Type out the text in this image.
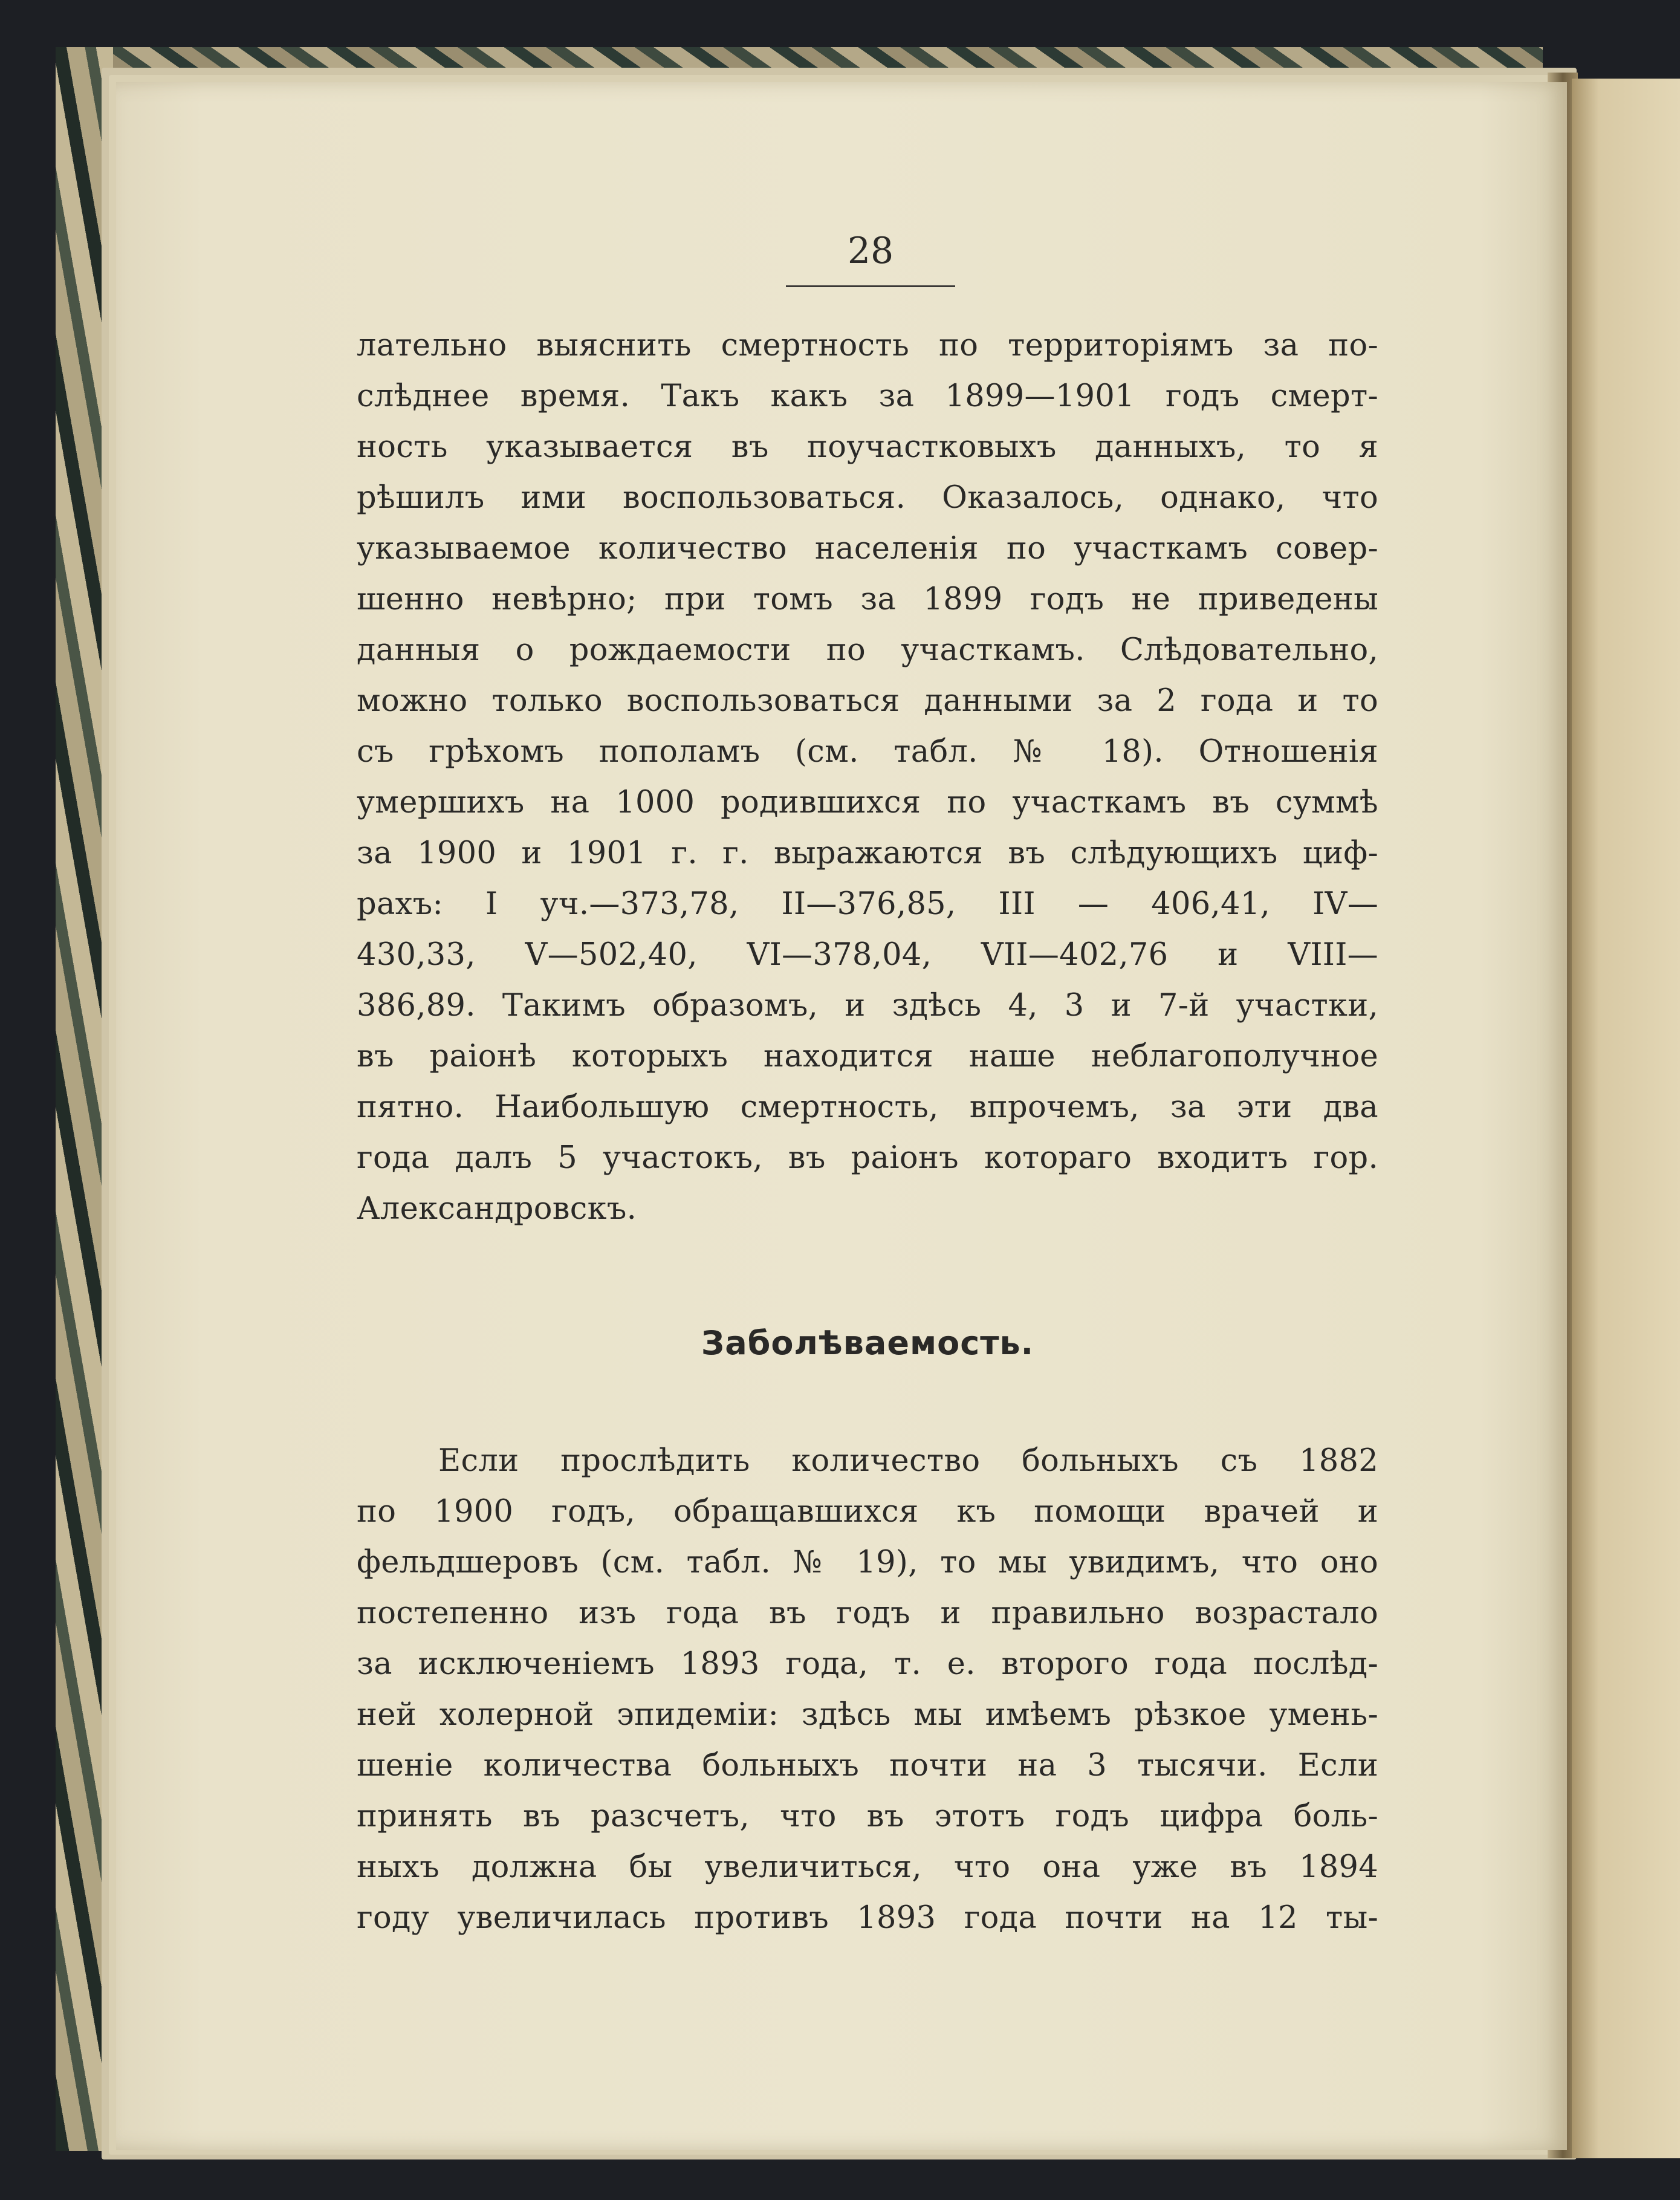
28
лательно выяснить смертность по территоріямъ за по-
слѣднее время. Такъ какъ за 1899—1901 годъ смерт-
ность указывается въ поучастковыхъ данныхъ, то я
рѣшилъ ими воспользоваться. Оказалось, однако, что
указываемое количество населенія по участкамъ совер-
шенно невѣрно; при томъ за 1899 годъ не приведены
данныя о рождаемости по участкамъ. Слѣдовательно,
можно только воспользоваться данными за 2 года и то
съ грѣхомъ пополамъ (см. табл. № 18). Отношенія
умершихъ на 1000 родившихся по участкамъ въ суммѣ
за 1900 и 1901 г. г. выражаются въ слѣдующихъ циф-
рахъ: I уч.—373,78, II—376,85, III — 406,41, IV—
430,33, V—502,40, VI—378,04, VII—402,76 и VIII—
386,89. Такимъ образомъ, и здѣсь 4, 3 и 7-й участки,
въ раіонѣ которыхъ находится наше неблагополучное
пятно. Наибольшую смертность, впрочемъ, за эти два
года далъ 5 участокъ, въ раіонъ котораго входитъ гор.
Александровскъ.
Заболѣваемость.
Если прослѣдить количество больныхъ съ 1882
по 1900 годъ, обращавшихся къ помощи врачей и
фельдшеровъ (см. табл. № 19), то мы увидимъ, что оно
постепенно изъ года въ годъ и правильно возрастало
за исключеніемъ 1893 года, т. е. второго года послѣд-
ней холерной эпидеміи: здѣсь мы имѣемъ рѣзкое умень-
шеніе количества больныхъ почти на 3 тысячи. Если
принять въ разсчетъ, что въ этотъ годъ цифра боль-
ныхъ должна бы увеличиться, что она уже въ 1894
году увеличилась противъ 1893 года почти на 12 ты-
